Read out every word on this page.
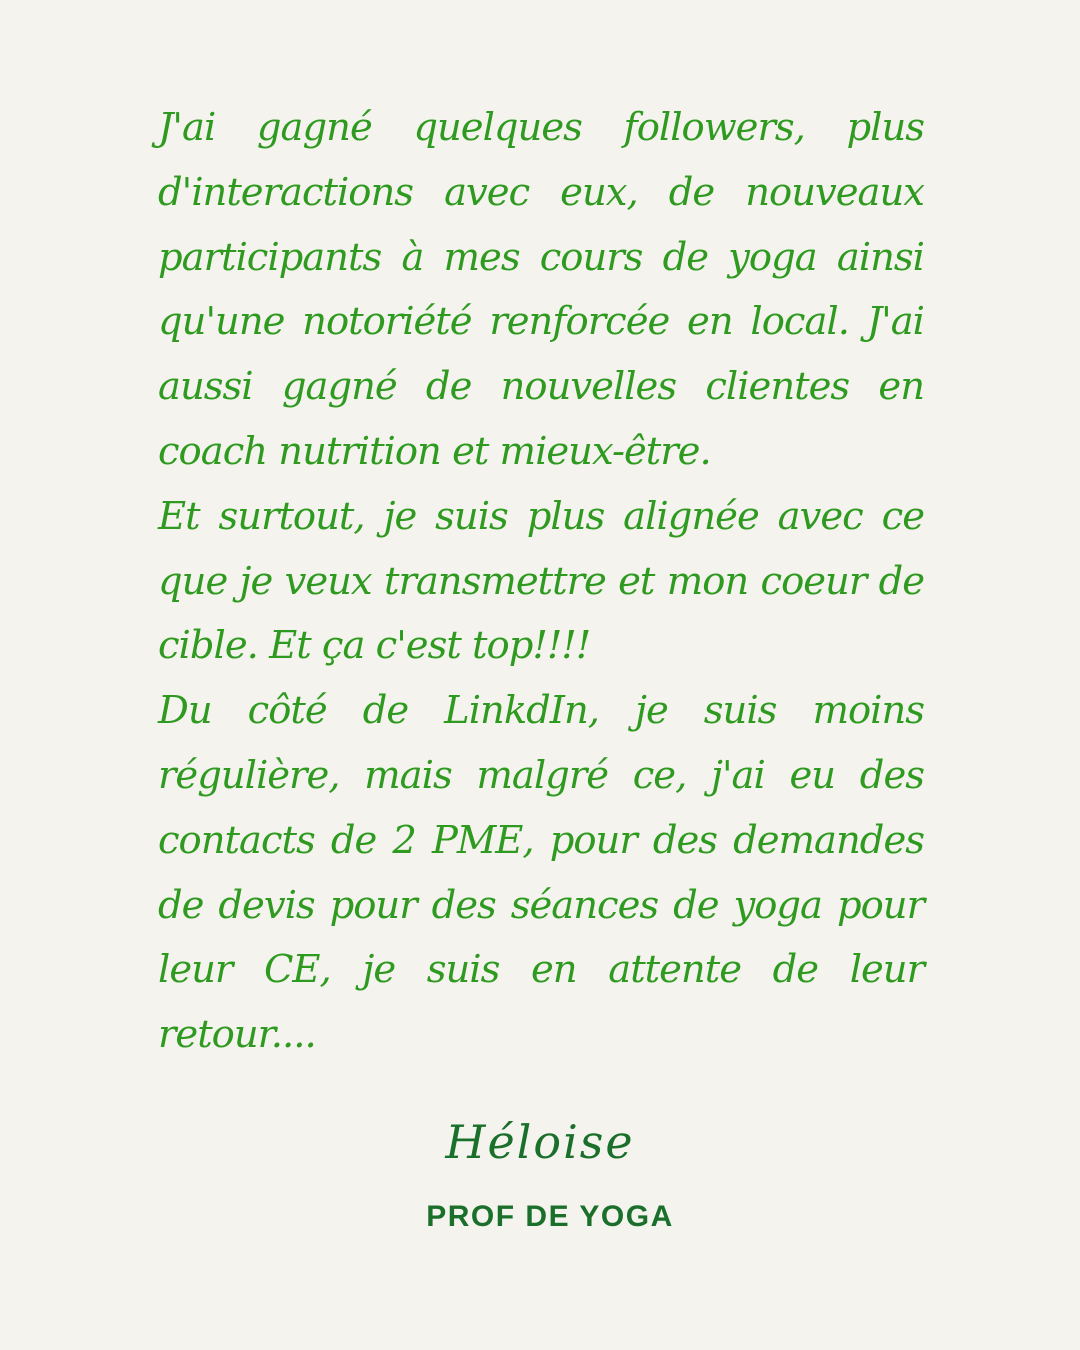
J'ai gagné quelques followers, plus d'interactions avec eux, de nouveaux participants à mes cours de yoga ainsi qu'une notoriété renforcée en local. J'ai aussi gagné de nouvelles clientes en coach nutrition et mieux-être.

Et surtout, je suis plus alignée avec ce que je veux transmettre et mon coeur de cible. Et ça c'est top!!!!

Du côté de LinkdIn, je suis moins régulière, mais malgré ce, j'ai eu des contacts de 2 PME, pour des demandes de devis pour des séances de yoga pour leur CE, je suis en attente de leur retour....

Héloise
PROF DE YOGA
